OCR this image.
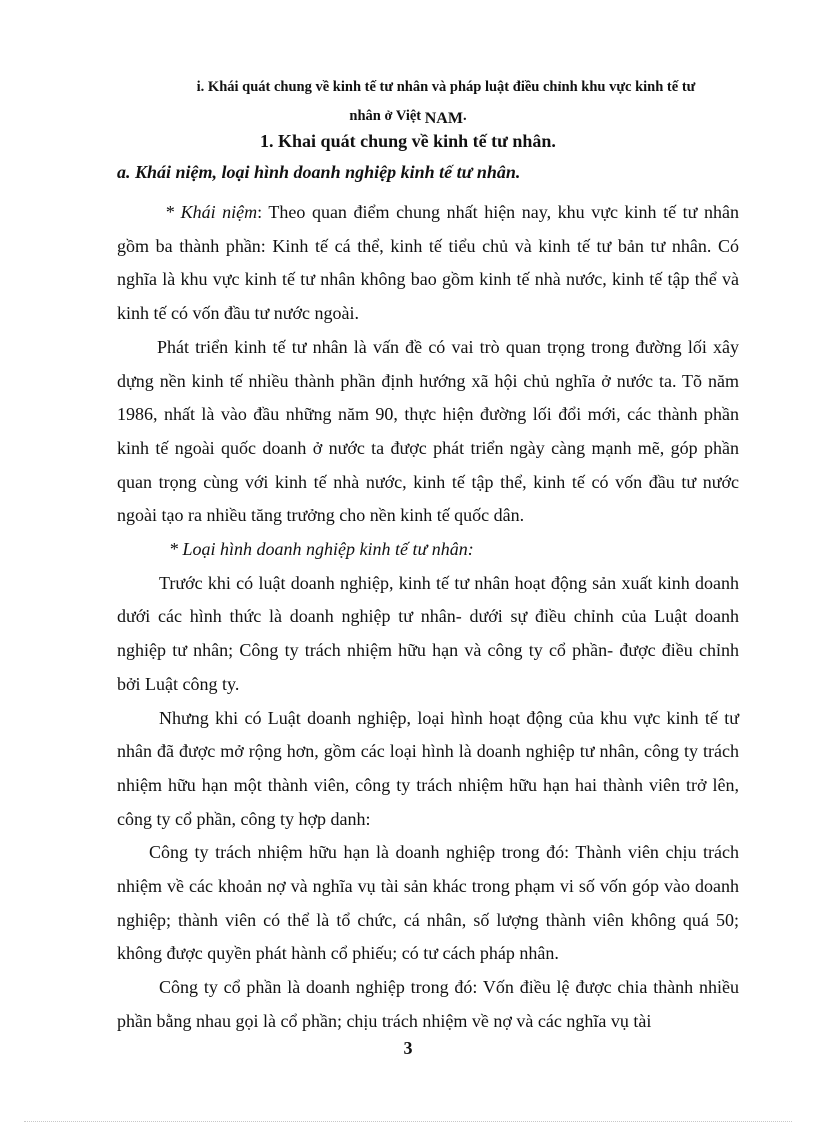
i. Khái quát chung về kinh tế tư nhân và pháp luật điều chỉnh khu vực kinh tế tư
nhân ở Việt NAM.
1. Khai quát chung về kinh tế tư nhân.
a. Khái niệm, loại hình doanh nghiệp kinh tế tư nhân.

* Khái niệm: Theo quan điểm chung nhất hiện nay, khu vực kinh tế tư nhân gồm ba thành phần: Kinh tế cá thể, kinh tế tiểu chủ và kinh tế tư bản tư nhân. Có nghĩa là khu vực kinh tế tư nhân không bao gồm kinh tế nhà nước, kinh tế tập thể và kinh tế có vốn đầu tư nước ngoài.

Phát triển kinh tế tư nhân là vấn đề có vai trò quan trọng trong đường lối xây dựng nền kinh tế nhiều thành phần định hướng xã hội chủ nghĩa ở nước ta. Tõ năm 1986, nhất là vào đầu những năm 90, thực hiện đường lối đổi mới, các thành phần kinh tế ngoài quốc doanh ở nước ta được phát triển ngày càng mạnh mẽ, góp phần quan trọng cùng với kinh tế nhà nước, kinh tế tập thể, kinh tế có vốn đầu tư nước ngoài tạo ra nhiều tăng trưởng cho nền kinh tế quốc dân.

* Loại hình doanh nghiệp kinh tế tư nhân:

Trước khi có luật doanh nghiệp, kinh tế tư nhân hoạt động sản xuất kinh doanh dưới các hình thức là doanh nghiệp tư nhân- dưới sự điều chỉnh của Luật doanh nghiệp tư nhân; Công ty trách nhiệm hữu hạn và công ty cổ phần- được điều chỉnh bởi Luật công ty.

Nhưng khi có Luật doanh nghiệp, loại hình hoạt động của khu vực kinh tế tư nhân đã được mở rộng hơn, gồm các loại hình là doanh nghiệp tư nhân, công ty trách nhiệm hữu hạn một thành viên, công ty trách nhiệm hữu hạn hai thành viên trở lên, công ty cổ phần, công ty hợp danh:

Công ty trách nhiệm hữu hạn là doanh nghiệp trong đó: Thành viên chịu trách nhiệm về các khoản nợ và nghĩa vụ tài sản khác trong phạm vi số vốn góp vào doanh nghiệp; thành viên có thể là tổ chức, cá nhân, số lượng thành viên không quá 50; không được quyền phát hành cổ phiếu; có tư cách pháp nhân.

Công ty cổ phần là doanh nghiệp trong đó: Vốn điều lệ được chia thành nhiều phần bằng nhau gọi là cổ phần; chịu trách nhiệm về nợ và các nghĩa vụ tài

3
